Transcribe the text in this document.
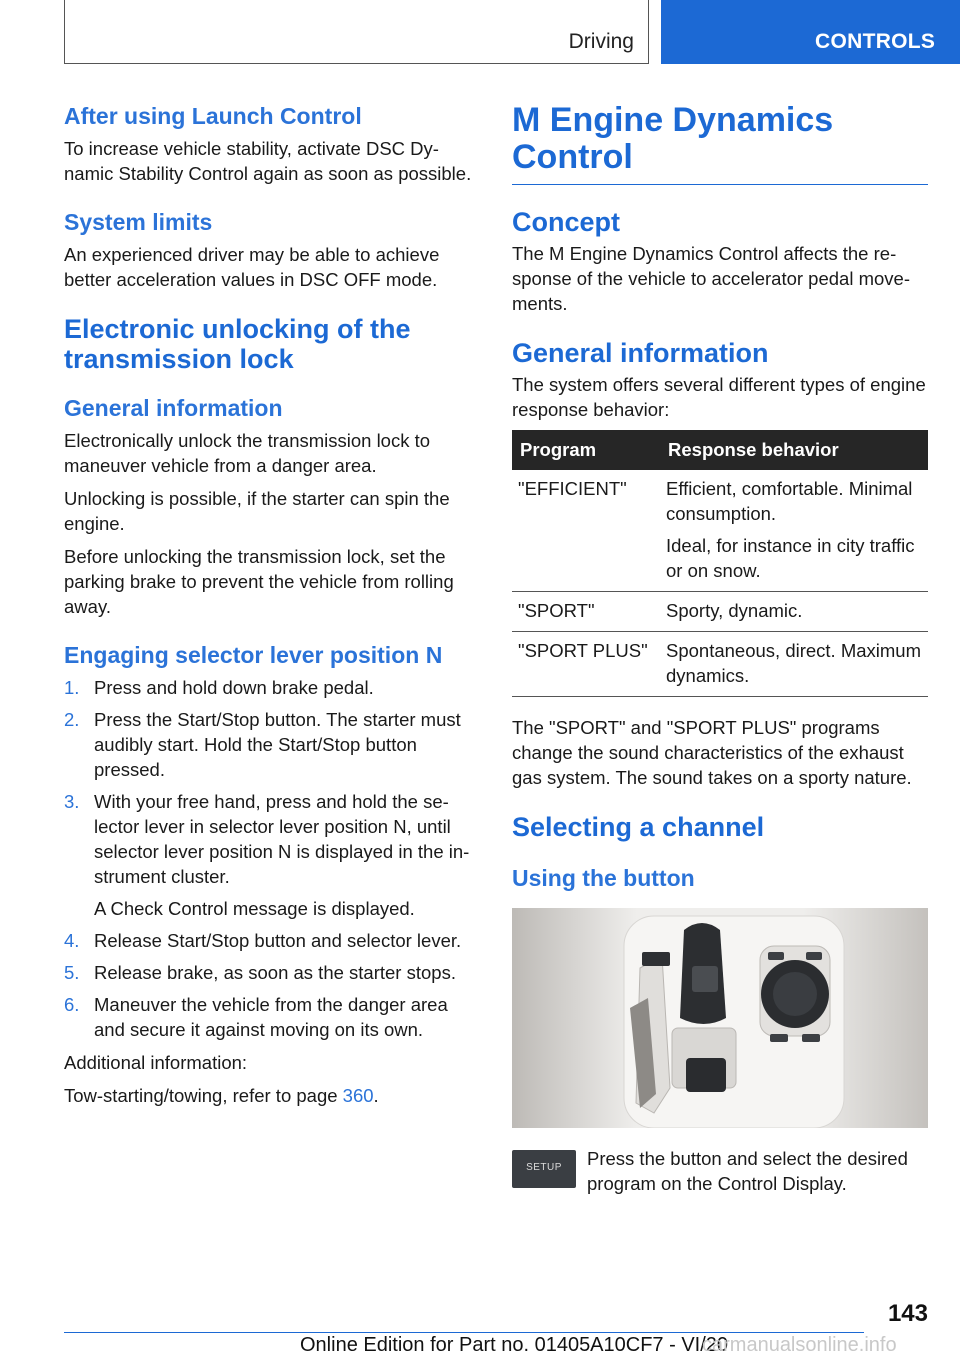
Driving	CONTROLS
After using Launch Control

To increase vehicle stability, activate DSC Dynamic Stability Control again as soon as possible.

System limits

An experienced driver may be able to achieve better acceleration values in DSC OFF mode.

Electronic unlocking of the transmission lock
General information

Electronically unlock the transmission lock to maneuver vehicle from a danger area.

Unlocking is possible, if the starter can spin the engine.

Before unlocking the transmission lock, set the parking brake to prevent the vehicle from rolling away.

Engaging selector lever position N
1. Press and hold down brake pedal.
2. Press the Start/Stop button. The starter must audibly start. Hold the Start/Stop button pressed.
3. With your free hand, press and hold the selector lever in selector lever position N, until selector lever position N is displayed in the instrument cluster.
A Check Control message is displayed.
4. Release Start/Stop button and selector lever.
5. Release brake, as soon as the starter stops.
6. Maneuver the vehicle from the danger area and secure it against moving on its own.

Additional information:

Tow-starting/towing, refer to page 360.

M Engine Dynamics Control
Concept

The M Engine Dynamics Control affects the response of the vehicle to accelerator pedal movements.

General information

The system offers several different types of engine response behavior:

Program	Response behavior
"EFFICIENT"	Efficient, comfortable. Minimal consumption.
Ideal, for instance in city traffic or on snow.

"SPORT"	Sporty, dynamic.
"SPORT PLUS"	Spontaneous, direct. Maximum dynamics.

The "SPORT" and "SPORT PLUS" programs change the sound characteristics of the exhaust gas system. The sound takes on a sporty nature.

Selecting a channel
Using the button
SETUP	Press the button and select the desired program on the Control Display.
143
Online Edition for Part no. 01405A10CF7 - VI/20
carmanualsonline.info
